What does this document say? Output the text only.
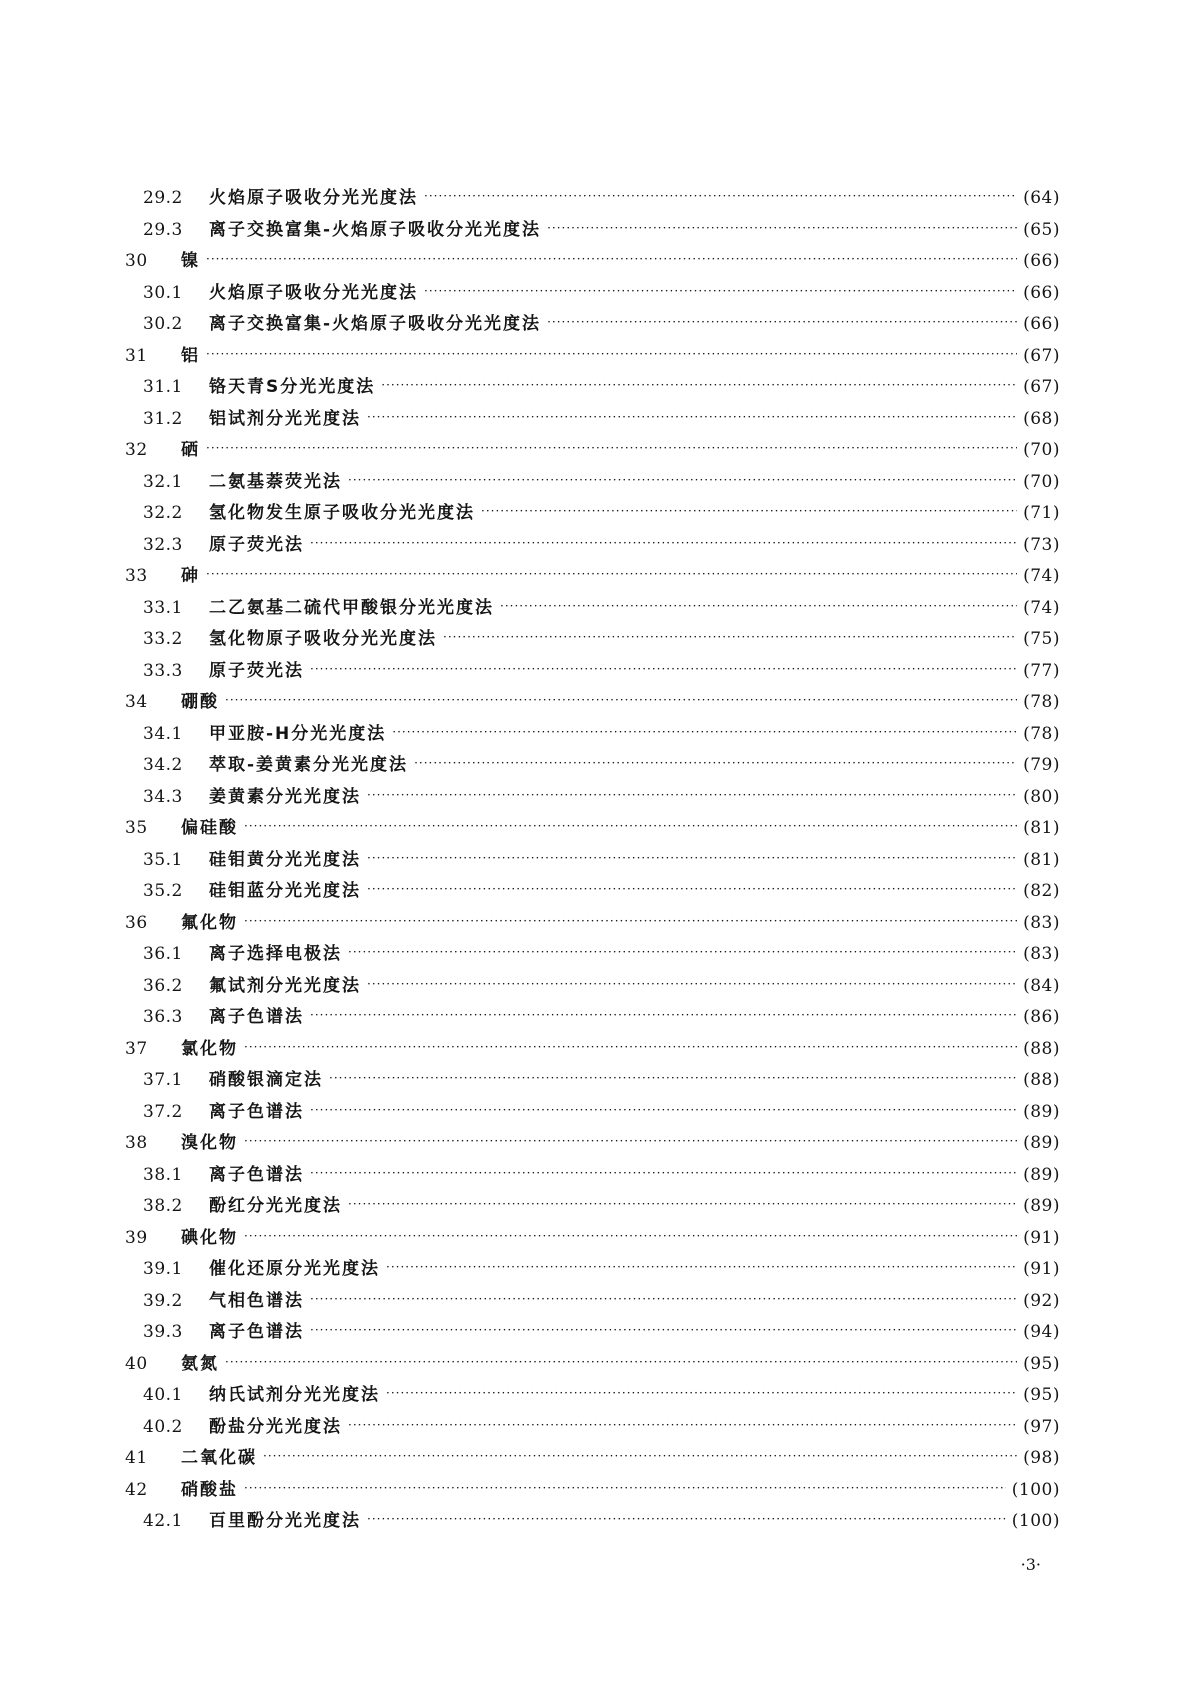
29.2	火焰原子吸收分光光度法 ·····	(64)
29.3	离子交换富集-火焰原子吸收分光光度法 ·····	(65)
30	镍 ·····	(66)
30.1	火焰原子吸收分光光度法 ·····	(66)
30.2	离子交换富集-火焰原子吸收分光光度法 ·····	(66)
31	铝 ·····	(67)
31.1	铬天青S分光光度法 ·····	(67)
31.2	铝试剂分光光度法 ·····	(68)
32	硒 ·····	(70)
32.1	二氨基萘荧光法 ·····	(70)
32.2	氢化物发生原子吸收分光光度法 ·····	(71)
32.3	原子荧光法 ·····	(73)
33	砷 ·····	(74)
33.1	二乙氨基二硫代甲酸银分光光度法 ·····	(74)
33.2	氢化物原子吸收分光光度法 ·····	(75)
33.3	原子荧光法 ·····	(77)
34	硼酸 ·····	(78)
34.1	甲亚胺-H分光光度法 ·····	(78)
34.2	萃取-姜黄素分光光度法 ·····	(79)
34.3	姜黄素分光光度法 ·····	(80)
35	偏硅酸 ·····	(81)
35.1	硅钼黄分光光度法 ·····	(81)
35.2	硅钼蓝分光光度法 ·····	(82)
36	氟化物 ·····	(83)
36.1	离子选择电极法 ·····	(83)
36.2	氟试剂分光光度法 ·····	(84)
36.3	离子色谱法 ·····	(86)
37	氯化物 ·····	(88)
37.1	硝酸银滴定法 ·····	(88)
37.2	离子色谱法 ·····	(89)
38	溴化物 ·····	(89)
38.1	离子色谱法 ·····	(89)
38.2	酚红分光光度法 ·····	(89)
39	碘化物 ·····	(91)
39.1	催化还原分光光度法 ·····	(91)
39.2	气相色谱法 ·····	(92)
39.3	离子色谱法 ·····	(94)
40	氨氮 ·····	(95)
40.1	纳氏试剂分光光度法 ·····	(95)
40.2	酚盐分光光度法 ·····	(97)
41	二氧化碳 ·····	(98)
42	硝酸盐 ·····	(100)
42.1	百里酚分光光度法 ·····	(100)
·3·
